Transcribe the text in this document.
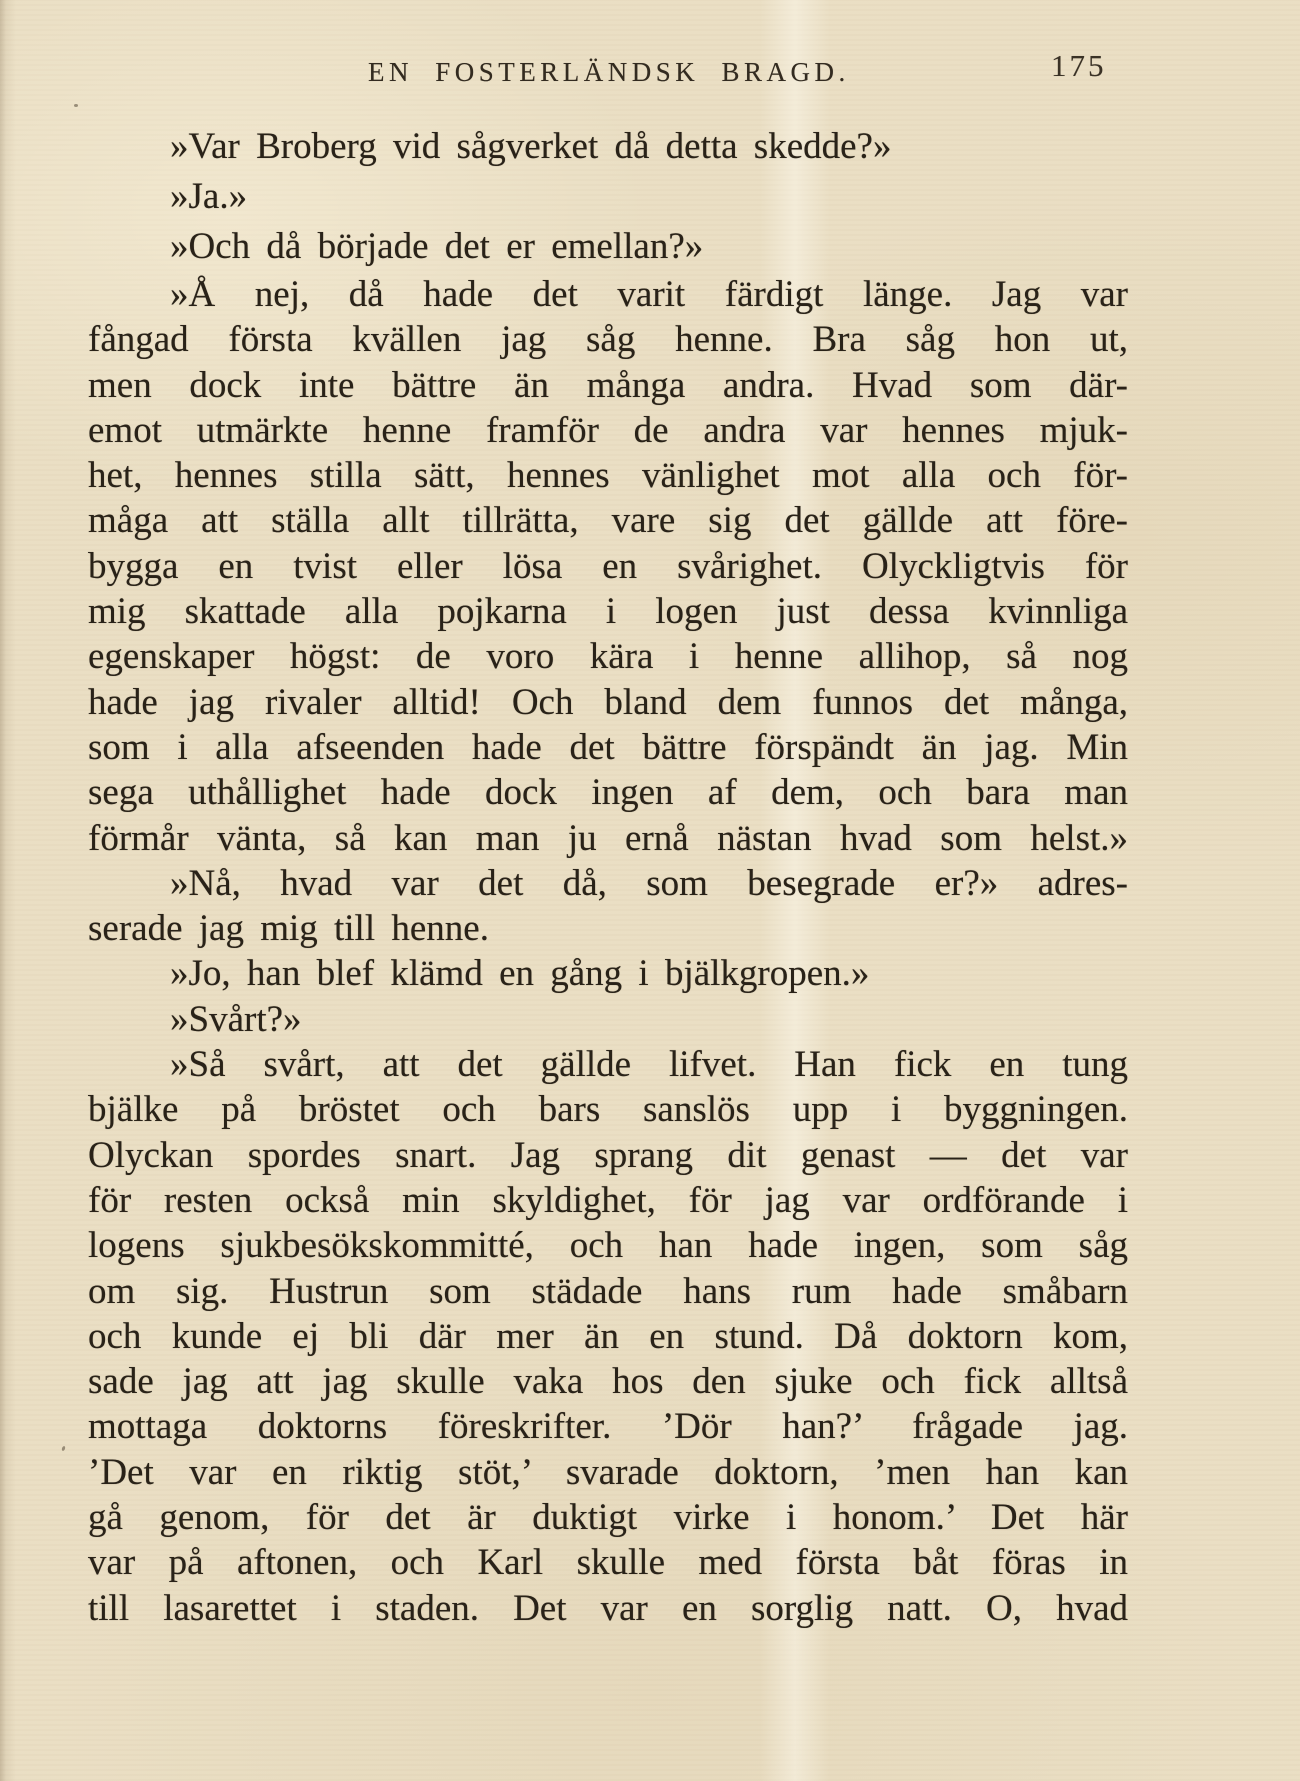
EN FOSTERLÄNDSK BRAGD.	175
»Var Broberg vid sågverket då detta skedde?»
»Ja.»
»Och då började det er emellan?»
»Å nej, då hade det varit färdigt länge. Jag var
fångad första kvällen jag såg henne. Bra såg hon ut,
men dock inte bättre än många andra. Hvad som där-
emot utmärkte henne framför de andra var hennes mjuk-
het, hennes stilla sätt, hennes vänlighet mot alla och för-
måga att ställa allt tillrätta, vare sig det gällde att före-
bygga en tvist eller lösa en svårighet. Olyckligtvis för
mig skattade alla pojkarna i logen just dessa kvinnliga
egenskaper högst: de voro kära i henne allihop, så nog
hade jag rivaler alltid! Och bland dem funnos det många,
som i alla afseenden hade det bättre förspändt än jag. Min
sega uthållighet hade dock ingen af dem, och bara man
förmår vänta, så kan man ju ernå nästan hvad som helst.»
»Nå, hvad var det då, som besegrade er?» adres-
serade jag mig till henne.
»Jo, han blef klämd en gång i bjälkgropen.»
»Svårt?»
»Så svårt, att det gällde lifvet. Han fick en tung
bjälke på bröstet och bars sanslös upp i byggningen.
Olyckan spordes snart. Jag sprang dit genast — det var
för resten också min skyldighet, för jag var ordförande i
logens sjukbesökskommitté, och han hade ingen, som såg
om sig. Hustrun som städade hans rum hade småbarn
och kunde ej bli där mer än en stund. Då doktorn kom,
sade jag att jag skulle vaka hos den sjuke och fick alltså
mottaga doktorns föreskrifter. ’Dör han?’ frågade jag.
’Det var en riktig stöt,’ svarade doktorn, ’men han kan
gå genom, för det är duktigt virke i honom.’ Det här
var på aftonen, och Karl skulle med första båt föras in
till lasarettet i staden. Det var en sorglig natt. O, hvad
